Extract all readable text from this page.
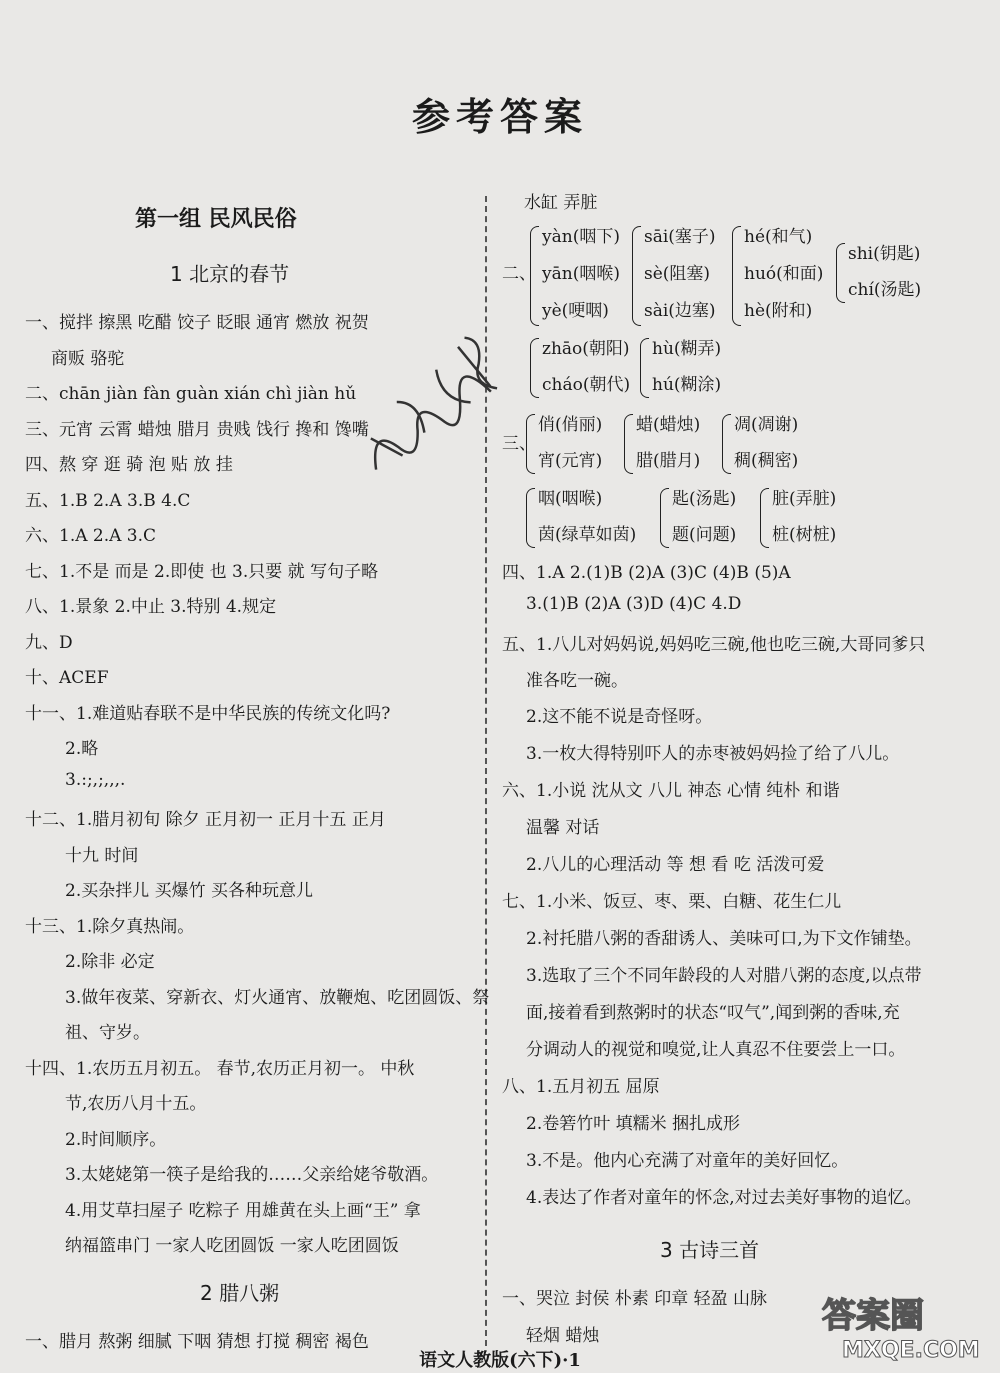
参考答案
第一组 民风民俗
1 北京的春节
一、搅拌 擦黑 吃醋 饺子 眨眼 通宵 燃放 祝贺
商贩 骆驼
二、chān jiàn fàn guàn xián chì jiàn hǔ
三、元宵 云霄 蜡烛 腊月 贵贱 饯行 搀和 馋嘴
四、熬 穿 逛 骑 泡 贴 放 挂
五、1.B 2.A 3.B 4.C
六、1.A 2.A 3.C
七、1.不是 而是 2.即使 也 3.只要 就 写句子略
八、1.景象 2.中止 3.特别 4.规定
九、D
十、ACEF
十一、1.难道贴春联不是中华民族的传统文化吗?
2.略
3.:;,;,,,.
十二、1.腊月初旬 除夕 正月初一 正月十五 正月
十九 时间
2.买杂拌儿 买爆竹 买各种玩意儿
十三、1.除夕真热闹。
2.除非 必定
3.做年夜菜、穿新衣、灯火通宵、放鞭炮、吃团圆饭、祭
祖、守岁。
十四、1.农历五月初五。 春节,农历正月初一。 中秋
节,农历八月十五。
2.时间顺序。
3.太姥姥第一筷子是给我的……父亲给姥爷敬酒。
4.用艾草扫屋子 吃粽子 用雄黄在头上画“王” 拿
纳福篮串门 一家人吃团圆饭 一家人吃团圆饭
2 腊八粥
一、腊月 熬粥 细腻 下咽 猜想 打搅 稠密 褐色
水缸 弄脏
二、
yàn(咽下)
yān(咽喉)
yè(哽咽)
sāi(塞子)
sè(阻塞)
sài(边塞)
hé(和气)
huó(和面)
hè(附和)
shi(钥匙)
chí(汤匙)
zhāo(朝阳)
cháo(朝代)
hù(糊弄)
hú(糊涂)
三、
俏(俏丽)
宵(元宵)
蜡(蜡烛)
腊(腊月)
凋(凋谢)
稠(稠密)
咽(咽喉)
茵(绿草如茵)
匙(汤匙)
题(问题)
脏(弄脏)
桩(树桩)
四、1.A 2.(1)B (2)A (3)C (4)B (5)A
3.(1)B (2)A (3)D (4)C 4.D
五、1.八儿对妈妈说,妈妈吃三碗,他也吃三碗,大哥同爹只
准各吃一碗。
2.这不能不说是奇怪呀。
3.一枚大得特别吓人的赤枣被妈妈捡了给了八儿。
六、1.小说 沈从文 八儿 神态 心情 纯朴 和谐
温馨 对话
2.八儿的心理活动 等 想 看 吃 活泼可爱
七、1.小米、饭豆、枣、栗、白糖、花生仁儿
2.衬托腊八粥的香甜诱人、美味可口,为下文作铺垫。
3.选取了三个不同年龄段的人对腊八粥的态度,以点带
面,接着看到熬粥时的状态“叹气”,闻到粥的香味,充
分调动人的视觉和嗅觉,让人真忍不住要尝上一口。
八、1.五月初五 屈原
2.卷箬竹叶 填糯米 捆扎成形
3.不是。他内心充满了对童年的美好回忆。
4.表达了作者对童年的怀念,对过去美好事物的追忆。
3 古诗三首
一、哭泣 封侯 朴素 印章 轻盈 山脉
轻烟 蜡烛	答案圈
MXQE.COM
语文人教版(六下)·1
